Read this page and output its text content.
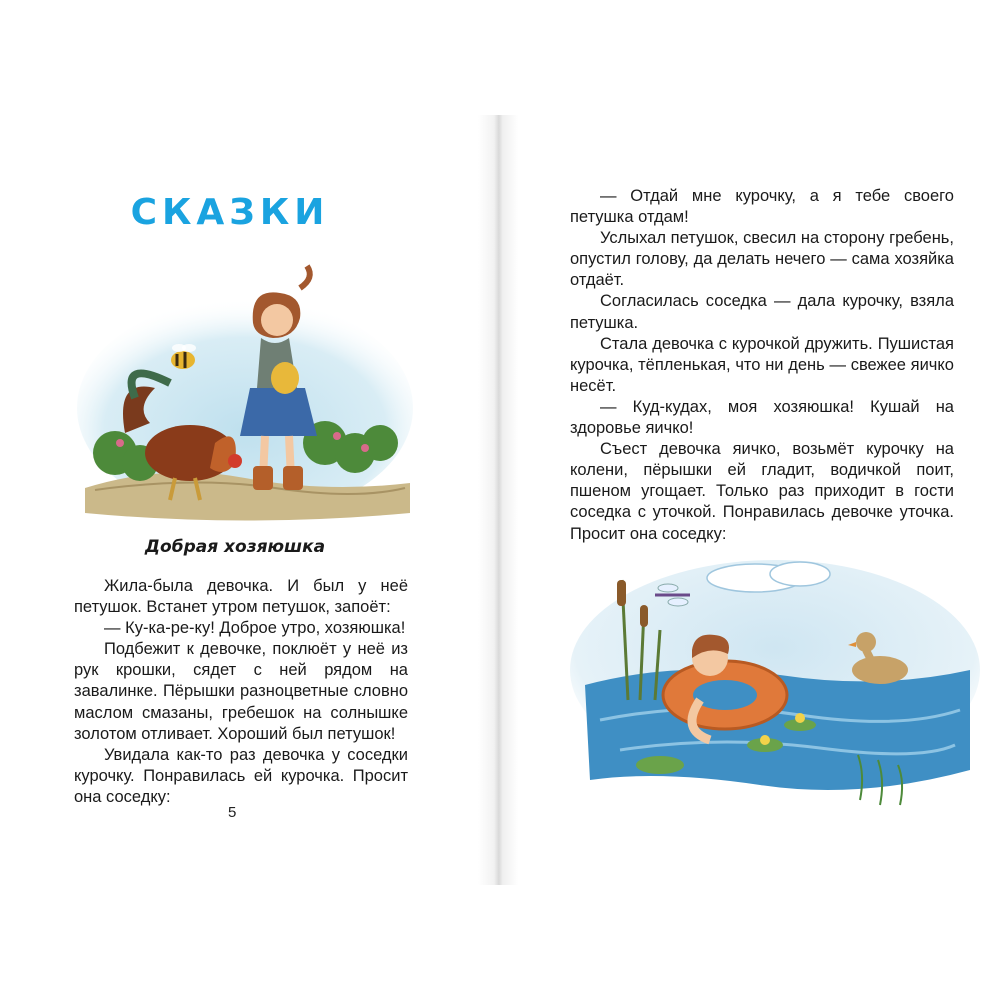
СКАЗКИ
Добрая хозяюшка

Жила-была девочка. И был у неё петушок. Встанет утром петушок, запоёт:

— Ку-ка-ре-ку! Доброе утро, хозяюшка!

Подбежит к девочке, поклюёт у неё из рук крошки, сядет с ней рядом на завалинке. Пёрышки разноцветные словно маслом смазаны, гребешок на солнышке золотом отливает. Хороший был петушок!

Увидала как-то раз девочка у соседки курочку. Понравилась ей курочка. Просит она соседку:

5

— Отдай мне курочку, а я тебе своего петушка отдам!

Услыхал петушок, свесил на сторону гребень, опустил голову, да делать нечего — сама хозяйка отдаёт.

Согласилась соседка — дала курочку, взяла петушка.

Стала девочка с курочкой дружить. Пушистая курочка, тёпленькая, что ни день — свежее яичко несёт.

— Куд-кудах, моя хозяюшка! Кушай на здоровье яичко!

Съест девочка яичко, возьмёт курочку на колени, пёрышки ей гладит, водичкой поит, пшеном угощает. Только раз приходит в гости соседка с уточкой. Понравилась девочке уточка. Просит она соседку:
